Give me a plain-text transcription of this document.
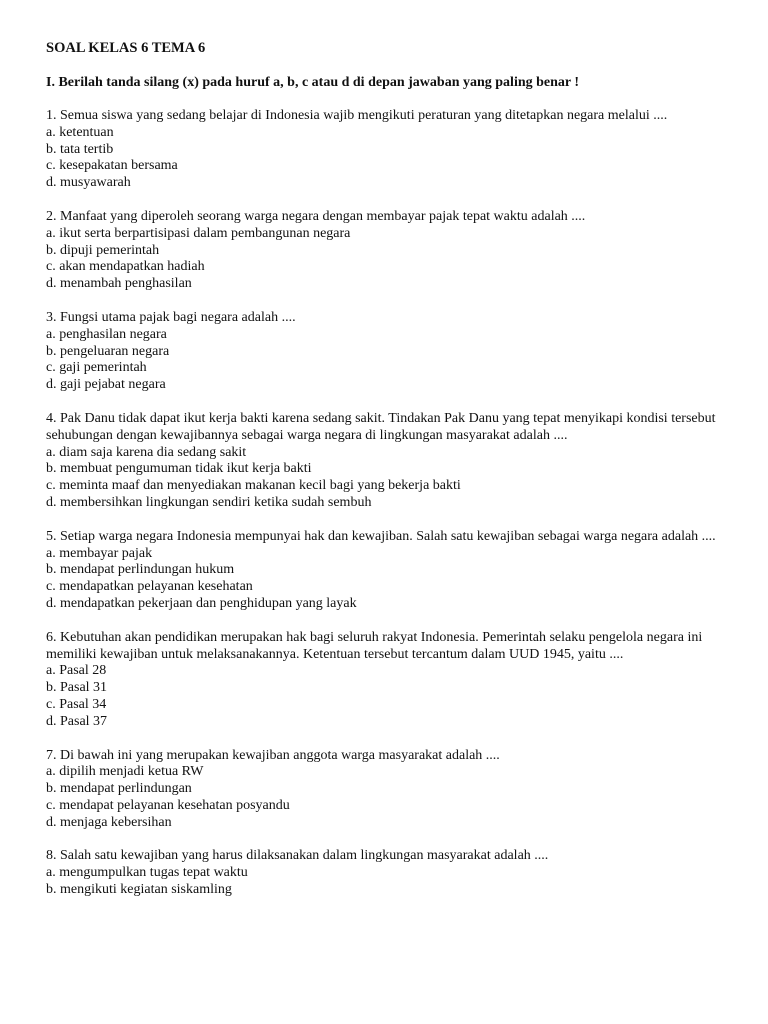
SOAL KELAS 6 TEMA 6
I. Berilah tanda silang (x) pada huruf a, b, c atau d di depan jawaban yang paling benar !
1. Semua siswa yang sedang belajar di Indonesia wajib mengikuti peraturan yang ditetapkan negara melalui ....
a. ketentuan
b. tata tertib
c. kesepakatan bersama
d. musyawarah
2. Manfaat yang diperoleh seorang warga negara dengan membayar pajak tepat waktu adalah ....
a. ikut serta berpartisipasi dalam pembangunan negara
b. dipuji pemerintah
c. akan mendapatkan hadiah
d. menambah penghasilan
3. Fungsi utama pajak bagi negara adalah ....
a. penghasilan negara
b. pengeluaran negara
c. gaji pemerintah
d. gaji pejabat negara
4. Pak Danu tidak dapat ikut kerja bakti karena sedang sakit. Tindakan Pak Danu yang tepat menyikapi kondisi tersebut sehubungan dengan kewajibannya sebagai warga negara di lingkungan masyarakat adalah ....
a. diam saja karena dia sedang sakit
b. membuat pengumuman tidak ikut kerja bakti
c. meminta maaf dan menyediakan makanan kecil bagi yang bekerja bakti
d. membersihkan lingkungan sendiri ketika sudah sembuh
5. Setiap warga negara Indonesia mempunyai hak dan kewajiban. Salah satu kewajiban sebagai warga negara adalah ....
a. membayar pajak
b. mendapat perlindungan hukum
c. mendapatkan pelayanan kesehatan
d. mendapatkan pekerjaan dan penghidupan yang layak
6. Kebutuhan akan pendidikan merupakan hak bagi seluruh rakyat Indonesia. Pemerintah selaku pengelola negara ini memiliki kewajiban untuk melaksanakannya. Ketentuan tersebut tercantum dalam UUD 1945, yaitu ....
a. Pasal 28
b. Pasal 31
c. Pasal 34
d. Pasal 37
7. Di bawah ini yang merupakan kewajiban anggota warga masyarakat adalah ....
a. dipilih menjadi ketua RW
b. mendapat perlindungan
c. mendapat pelayanan kesehatan posyandu
d. menjaga kebersihan
8. Salah satu kewajiban yang harus dilaksanakan dalam lingkungan masyarakat adalah ....
a. mengumpulkan tugas tepat waktu
b. mengikuti kegiatan siskamling
